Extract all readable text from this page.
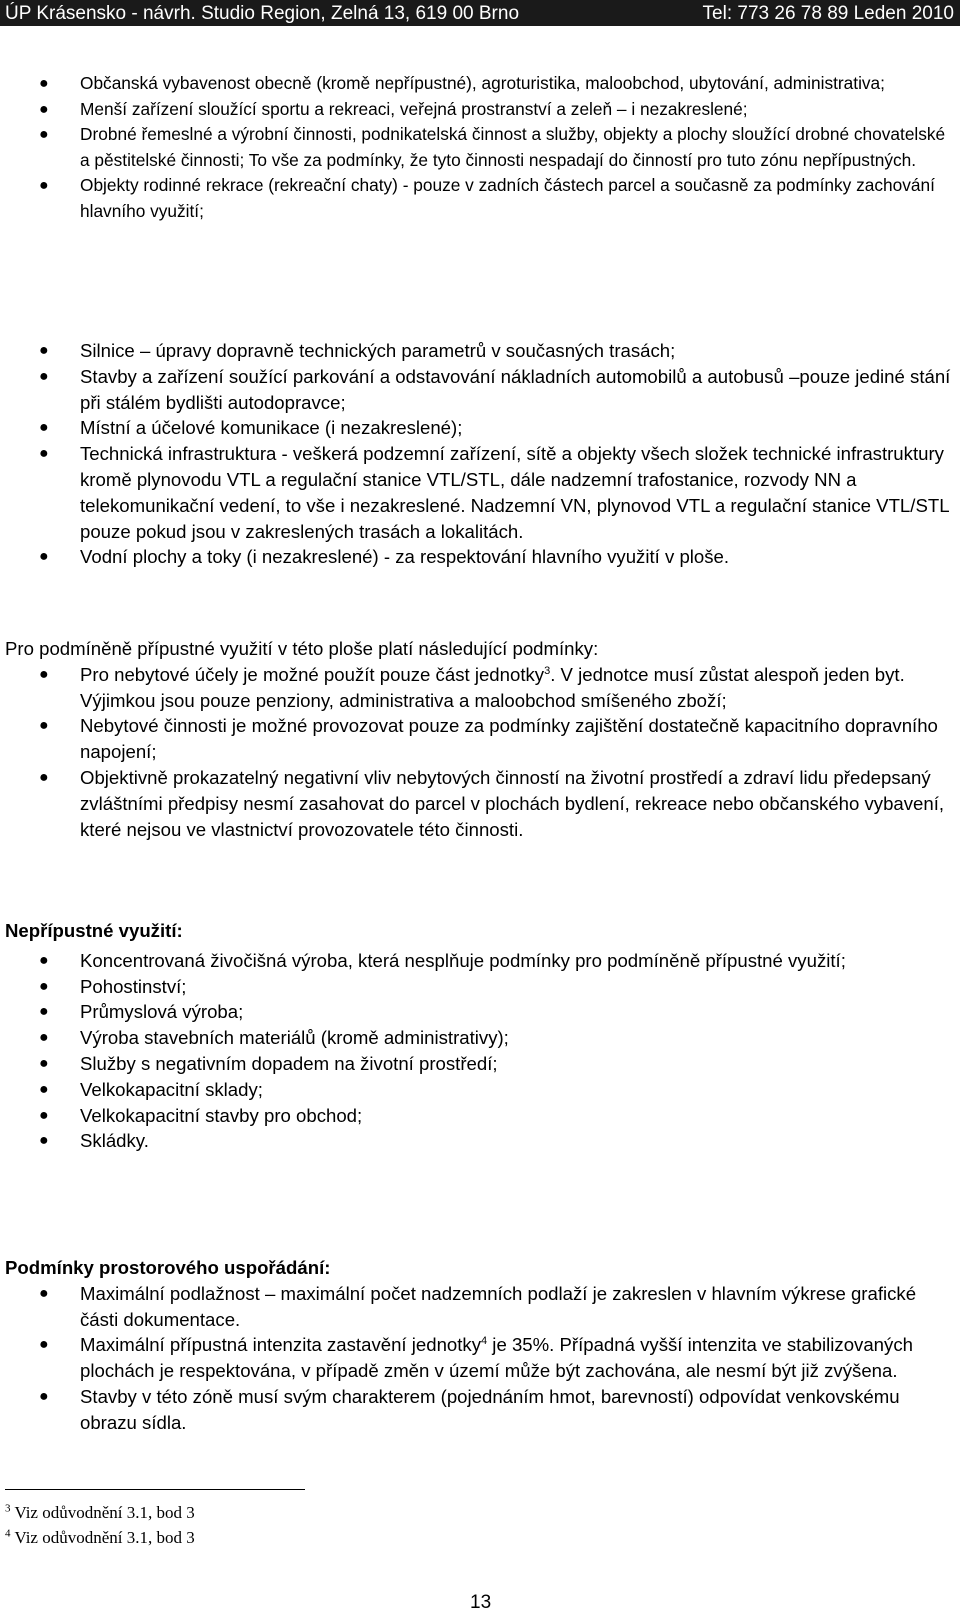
ÚP Krásensko - návrh. Studio Region, Zelná 13, 619 00 Brno	Tel: 773 26 78 89 Leden 2010
● Občanská vybavenost obecně (kromě nepřípustné), agroturistika, maloobchod, ubytování, administrativa;
● Menší zařízení sloužící sportu a rekreaci, veřejná prostranství a zeleň – i nezakreslené;
● Drobné řemeslné a výrobní činnosti, podnikatelská činnost a služby, objekty a plochy sloužící drobné chovatelské a pěstitelské činnosti; To vše za podmínky, že tyto činnosti nespadají do činností pro tuto zónu nepřípustných.
● Objekty rodinné rekrace (rekreační chaty) - pouze v zadních částech parcel a současně za podmínky zachování hlavního využití;
● Silnice – úpravy dopravně technických parametrů v současných trasách;
● Stavby a zařízení soužící parkování a odstavování nákladních automobilů a autobusů –pouze jediné stání při stálém bydlišti autodopravce;
● Místní a účelové komunikace (i nezakreslené);
● Technická infrastruktura - veškerá podzemní zařízení, sítě a objekty všech složek technické infrastruktury kromě plynovodu VTL a regulační stanice VTL/STL, dále nadzemní trafostanice, rozvody NN a telekomunikační vedení, to vše i nezakreslené. Nadzemní VN, plynovod VTL a regulační stanice VTL/STL pouze pokud jsou v zakreslených trasách a lokalitách.
● Vodní plochy a toky (i nezakreslené) - za respektování hlavního využití v ploše.
Pro podmíněně přípustné využití v této ploše platí následující podmínky:
● Pro nebytové účely je možné použít pouze část jednotky$^3$. V jednotce musí zůstat alespoň jeden byt. Výjimkou jsou pouze penziony, administrativa a maloobchod smíšeného zboží;
● Nebytové činnosti je možné provozovat pouze za podmínky zajištění dostatečně kapacitního dopravního napojení;
● Objektivně prokazatelný negativní vliv nebytových činností na životní prostředí a zdraví lidu předepsaný zvláštními předpisy nesmí zasahovat do parcel v plochách bydlení, rekreace nebo občanského vybavení, které nejsou ve vlastnictví provozovatele této činnosti.
Nepřípustné využití:
● Koncentrovaná živočišná výroba, která nesplňuje podmínky pro podmíněně přípustné využití;
● Pohostinství;
● Průmyslová výroba;
● Výroba stavebních materiálů (kromě administrativy);
● Služby s negativním dopadem na životní prostředí;
● Velkokapacitní sklady;
● Velkokapacitní stavby pro obchod;
● Skládky.
Podmínky prostorového uspořádání:
● Maximální podlažnost – maximální počet nadzemních podlaží je zakreslen v hlavním výkrese grafické části dokumentace.
● Maximální přípustná intenzita zastavění jednotky$^4$ je 35%. Případná vyšší intenzita ve stabilizovaných plochách je respektována, v případě změn v území může být zachována, ale nesmí být již zvýšena.
● Stavby v této zóně musí svým charakterem (pojednáním hmot, barevností) odpovídat venkovskému obrazu sídla.
$^3$ Viz odůvodnění 3.1, bod 3
$^4$ Viz odůvodnění 3.1, bod 3
13
